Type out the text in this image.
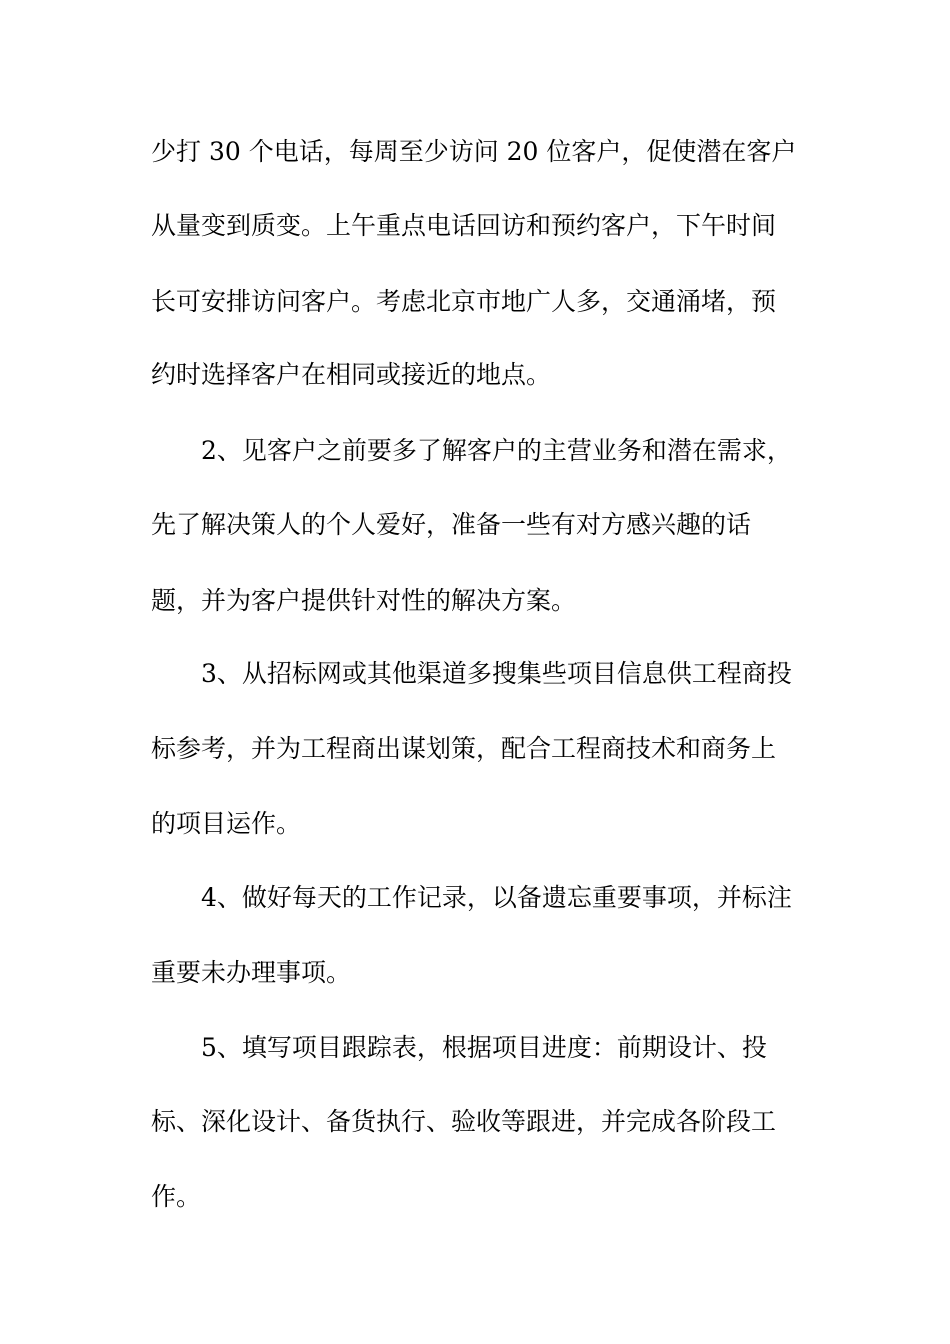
少打 30 个电话，每周至少访问 20 位客户，促使潜在客户
从量变到质变。上午重点电话回访和预约客户，下午时间
长可安排访问客户。考虑北京市地广人多，交通涌堵，预
约时选择客户在相同或接近的地点。
2、见客户之前要多了解客户的主营业务和潜在需求，
先了解决策人的个人爱好，准备一些有对方感兴趣的话
题，并为客户提供针对性的解决方案。
3、从招标网或其他渠道多搜集些项目信息供工程商投
标参考，并为工程商出谋划策，配合工程商技术和商务上
的项目运作。
4、做好每天的工作记录，以备遗忘重要事项，并标注
重要未办理事项。
5、填写项目跟踪表，根据项目进度：前期设计、投
标、深化设计、备货执行、验收等跟进，并完成各阶段工
作。
